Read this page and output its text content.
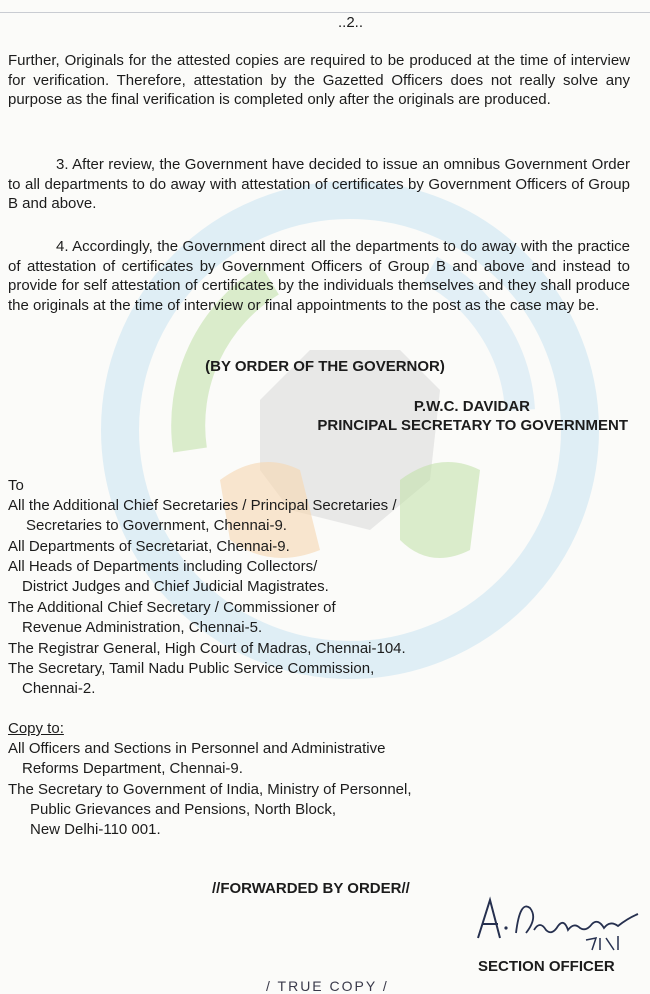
..2..

Further, Originals for the attested copies are required to be produced at the time of interview for verification. Therefore, attestation by the Gazetted Officers does not really solve any purpose as the final verification is completed only after the originals are produced.

3. After review, the Government have decided to issue an omnibus Government Order to all departments to do away with attestation of certificates by Government Officers of Group B and above.

4. Accordingly, the Government direct all the departments to do away with the practice of attestation of certificates by Government Officers of Group B and above and instead to provide for self attestation of certificates by the individuals themselves and they shall produce the originals at the time of interview or final appointments to the post as the case may be.

(BY ORDER OF THE GOVERNOR)
P.W.C. DAVIDAR
PRINCIPAL SECRETARY TO GOVERNMENT
To
All the Additional Chief Secretaries / Principal Secretaries /
Secretaries to Government, Chennai-9.
All Departments of Secretariat, Chennai-9.
All Heads of Departments including Collectors/
District Judges and Chief Judicial Magistrates.
The Additional Chief Secretary / Commissioner of
Revenue Administration, Chennai-5.
The Registrar General, High Court of Madras, Chennai-104.
The Secretary, Tamil Nadu Public Service Commission,
Chennai-2.
Copy to:
All Officers and Sections in Personnel and Administrative
Reforms Department, Chennai-9.
The Secretary to Government of India, Ministry of Personnel,
Public Grievances and Pensions, North Block,
New Delhi-110 001.
//FORWARDED BY ORDER//
SECTION OFFICER
/ TRUE COPY /
